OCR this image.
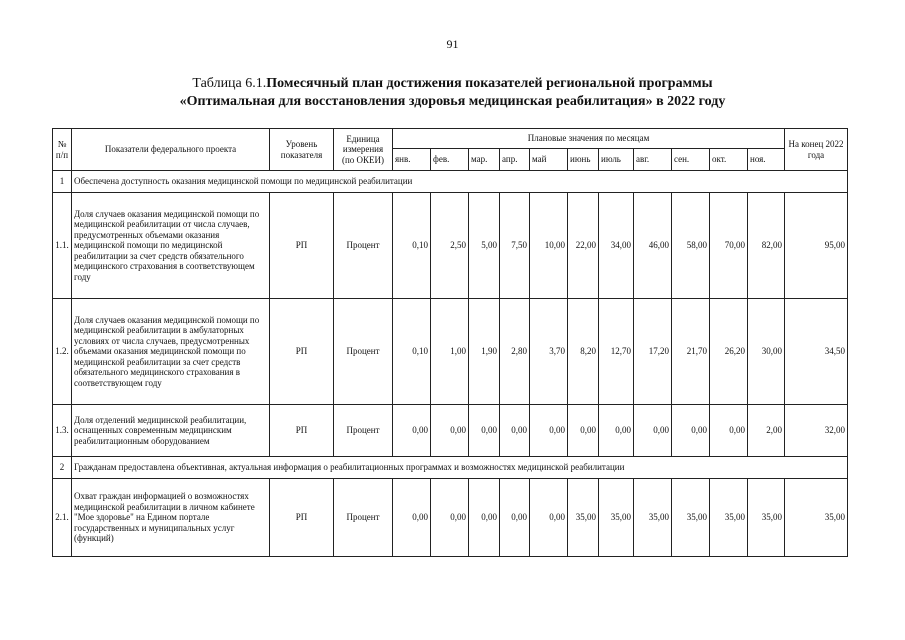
91
Таблица 6.1.Помесячный план достижения показателей региональной программы
«Оптимальная для восстановления здоровья медицинская реабилитация» в 2022 году
№ п/п	Показатели федерального проекта	Уровень показателя	Единица измерения (по ОКЕИ)	Плановые значения по месяцам											На конец 2022 года
				янв.	фев.	мар.	апр.	май	июнь	июль	авг.	сен.	окт.	ноя.	
1	Обеспечена доступность оказания медицинской помощи по медицинской реабилитации														
1.1.	Доля случаев оказания медицинской помощи по медицинской реабилитации от числа случаев, предусмотренных объемами оказания медицинской помощи по медицинской реабилитации за счет средств обязательного медицинского страхования в соответствующем году	РП	Процент	0,10	2,50	5,00	7,50	10,00	22,00	34,00	46,00	58,00	70,00	82,00	95,00
1.2.	Доля случаев оказания медицинской помощи по медицинской реабилитации в амбулаторных условиях от числа случаев, предусмотренных объемами оказания медицинской помощи по медицинской реабилитации за счет средств обязательного медицинского страхования в соответствующем году	РП	Процент	0,10	1,00	1,90	2,80	3,70	8,20	12,70	17,20	21,70	26,20	30,00	34,50
1.3.	Доля отделений медицинской реабилитации, оснащенных современным медицинским реабилитационным оборудованием	РП	Процент	0,00	0,00	0,00	0,00	0,00	0,00	0,00	0,00	0,00	0,00	2,00	32,00
2	Гражданам предоставлена объективная, актуальная информация о реабилитационных программах и возможностях медицинской реабилитации														
2.1.	Охват граждан информацией о возможностях медицинской реабилитации в личном кабинете "Мое здоровье" на Едином портале государственных и муниципальных услуг (функций)	РП	Процент	0,00	0,00	0,00	0,00	0,00	35,00	35,00	35,00	35,00	35,00	35,00	35,00
